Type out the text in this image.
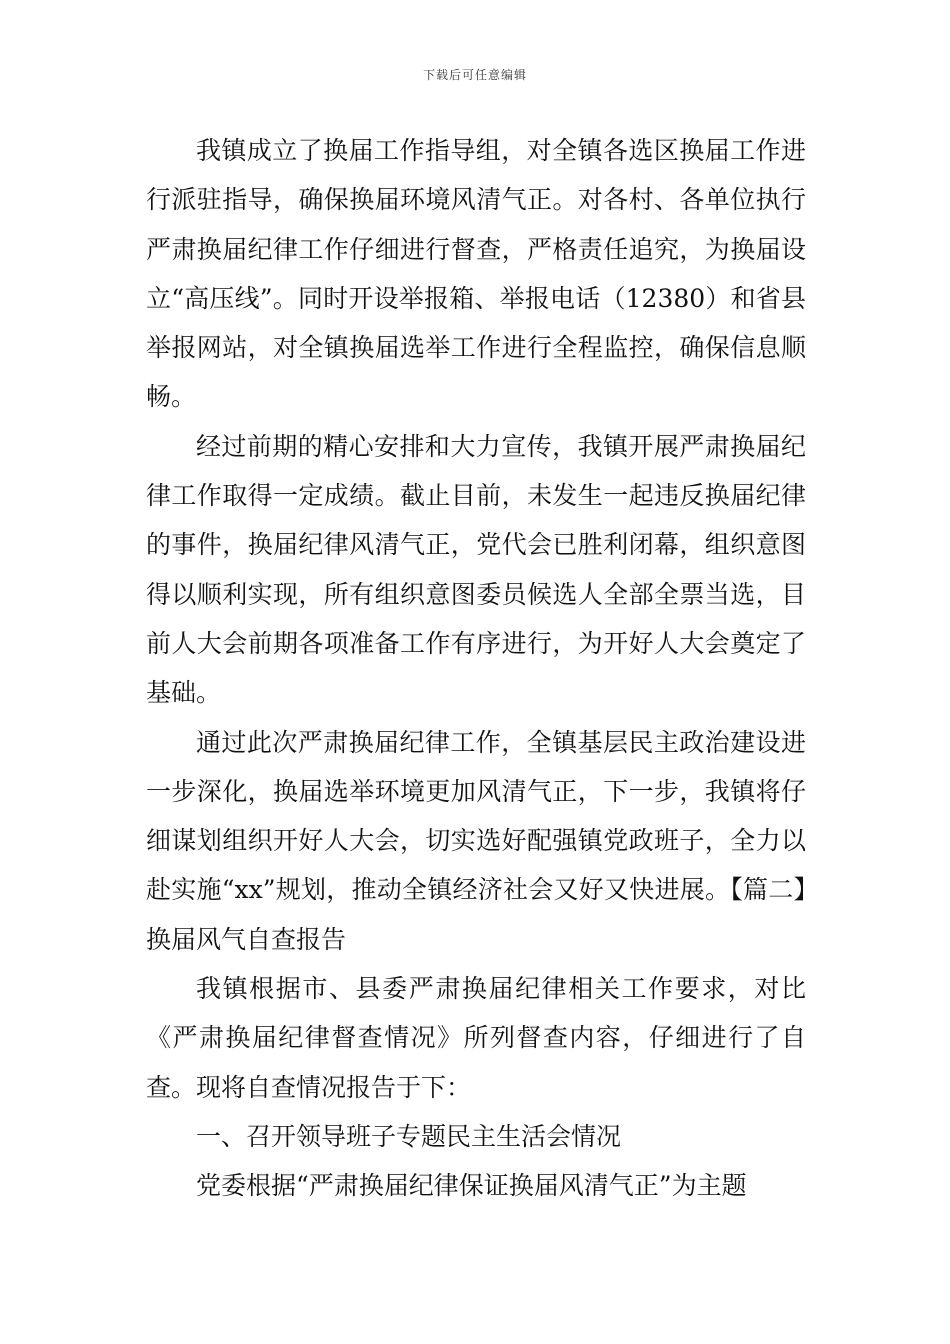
下载后可任意编辑

我镇成立了换届工作指导组，对全镇各选区换届工作进行派驻指导，确保换届环境风清气正。对各村、各单位执行严肃换届纪律工作仔细进行督查，严格责任追究，为换届设立“高压线”。同时开设举报箱、举报电话（12380）和省县举报网站，对全镇换届选举工作进行全程监控，确保信息顺畅。

经过前期的精心安排和大力宣传，我镇开展严肃换届纪律工作取得一定成绩。截止目前，未发生一起违反换届纪律的事件，换届纪律风清气正，党代会已胜利闭幕，组织意图得以顺利实现，所有组织意图委员候选人全部全票当选，目前人大会前期各项准备工作有序进行，为开好人大会奠定了基础。

通过此次严肃换届纪律工作，全镇基层民主政治建设进一步深化，换届选举环境更加风清气正，下一步，我镇将仔细谋划组织开好人大会，切实选好配强镇党政班子，全力以赴实施“xx”规划，推动全镇经济社会又好又快进展。【篇二】换届风气自查报告

我镇根据市、县委严肃换届纪律相关工作要求，对比《严肃换届纪律督查情况》所列督查内容，仔细进行了自查。现将自查情况报告于下：

一、召开领导班子专题民主生活会情况

党委根据“严肃换届纪律保证换届风清气正”为主题
